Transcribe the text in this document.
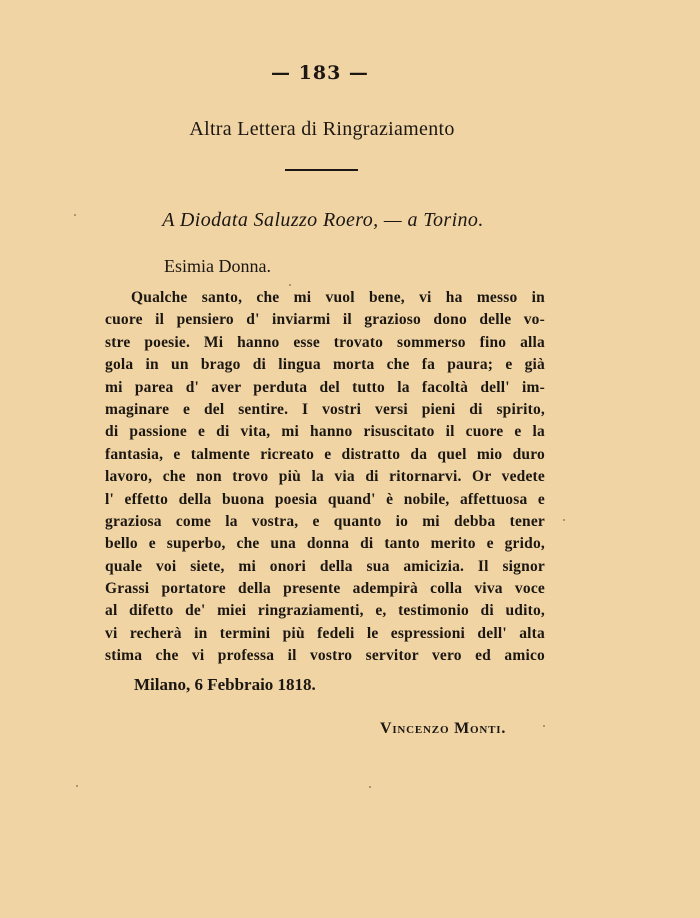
— 183 —
Altra Lettera di Ringraziamento
A Diodata Saluzzo Roero, — a Torino.
Esimia Donna.
Qualche santo, che mi vuol bene, vi ha messo in
cuore il pensiero d' inviarmi il grazioso dono delle vo-
stre poesie. Mi hanno esse trovato sommerso fino alla
gola in un brago di lingua morta che fa paura; e già
mi parea d' aver perduta del tutto la facoltà dell' im-
maginare e del sentire. I vostri versi pieni di spirito,
di passione e di vita, mi hanno risuscitato il cuore e la
fantasia, e talmente ricreato e distratto da quel mio duro
lavoro, che non trovo più la via di ritornarvi. Or vedete
l' effetto della buona poesia quand' è nobile, affettuosa e
graziosa come la vostra, e quanto io mi debba tener
bello e superbo, che una donna di tanto merito e grido,
quale voi siete, mi onori della sua amicizia. Il signor
Grassi portatore della presente adempirà colla viva voce
al difetto de' miei ringraziamenti, e, testimonio di udito,
vi recherà in termini più fedeli le espressioni dell' alta
stima che vi professa il vostro servitor vero ed amico
Milano, 6 Febbraio 1818.
Vincenzo Monti.
